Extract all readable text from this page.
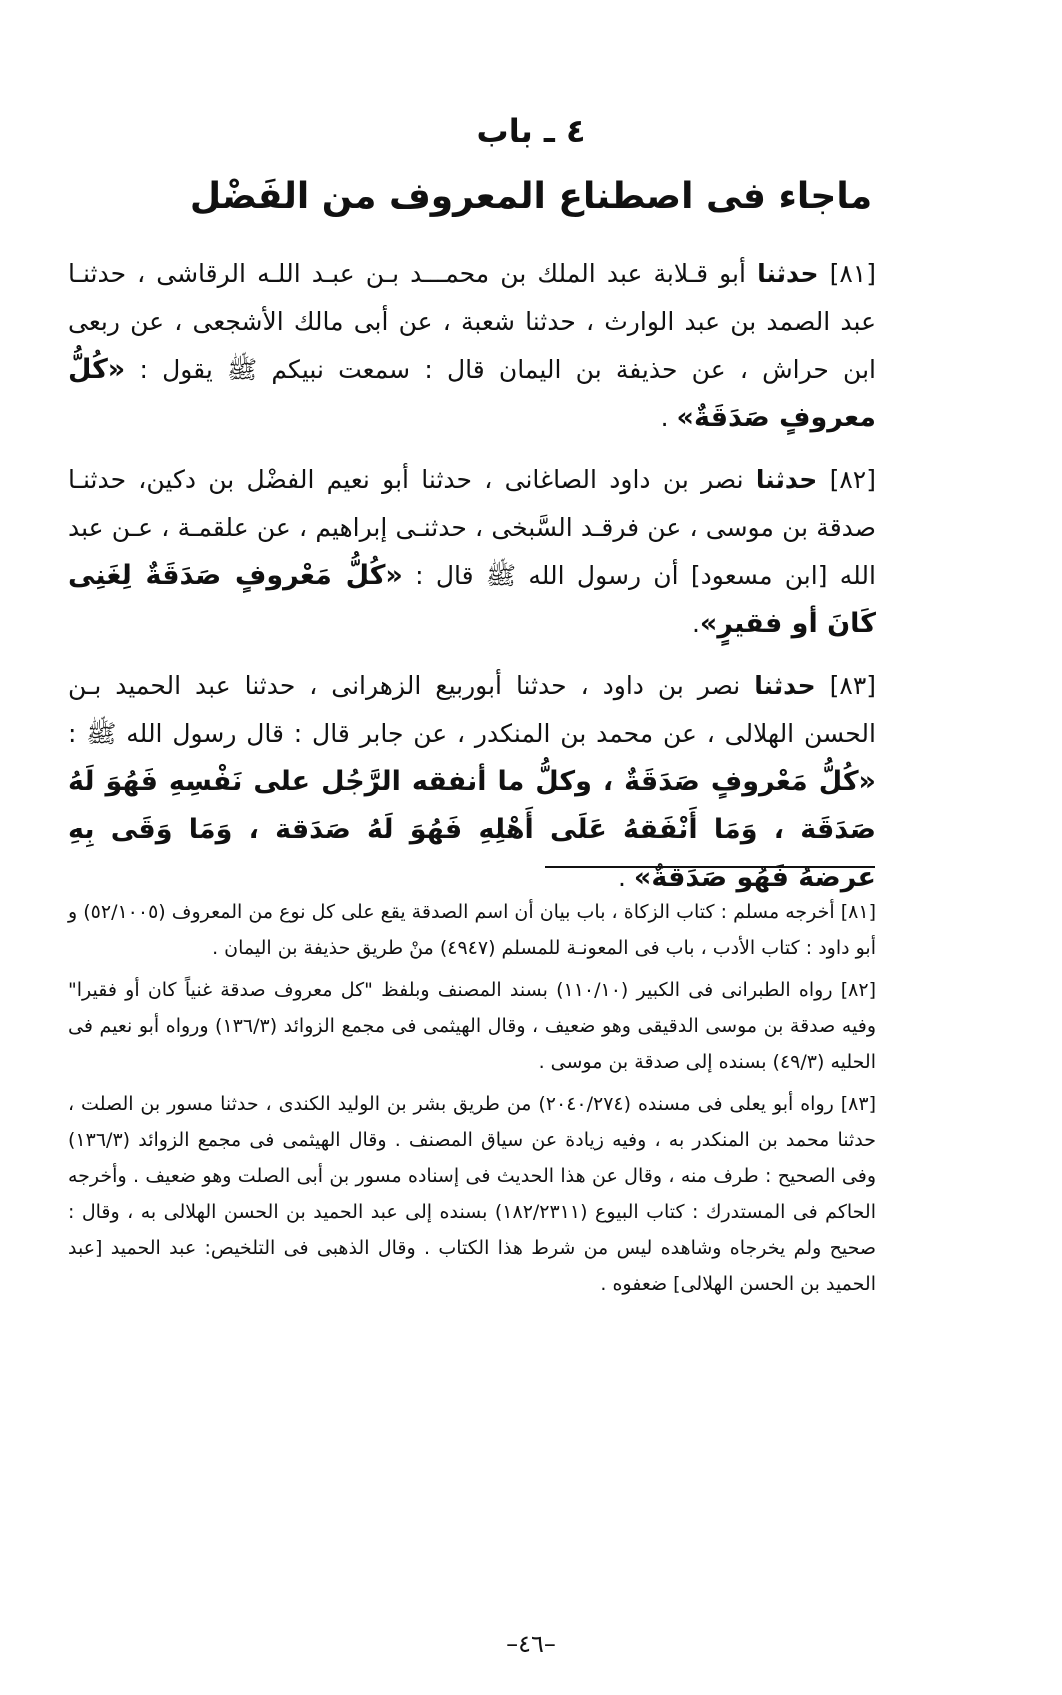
٤ ـ باب
ماجاء فى اصطناع المعروف من الفَضْل

[٨١] حدثنا أبو قـلابة عبد الملك بن محمـــد بـن عبـد اللـه الرقاشى ، حدثنـا عبد الصمد بن عبد الوارث ، حدثنا شعبة ، عن أبى مالك الأشجعى ، عن ربعى ابن حراش ، عن حذيفة بن اليمان قال : سمعت نبيكم ﷺ يقول : «كُلُّ معروفٍ صَدَقَةٌ» .

[٨٢] حدثنا نصر بن داود الصاغانى ، حدثنا أبو نعيم الفضْل بن دكين، حدثنـا صدقة بن موسى ، عن فرقـد السَّبخى ، حدثنـى إبراهيم ، عن علقمـة ، عـن عبد الله [ابن مسعود] أن رسول الله ﷺ قال : «كُلُّ مَعْروفٍ صَدَقَةٌ لِغَنِى كَانَ أو فقيرٍ».

[٨٣] حدثنا نصر بن داود ، حدثنا أبوربيع الزهرانى ، حدثنا عبد الحميد بـن الحسن الهلالى ، عن محمد بن المنكدر ، عن جابر قال : قال رسول الله ﷺ : «كُلُّ مَعْروفٍ صَدَقَةٌ ، وكلُّ ما أنفقه الرَّجُل على نَفْسِهِ فَهُوَ لَهُ صَدَقَة ، وَمَا أَنْفَقهُ عَلَى أَهْلِهِ فَهُوَ لَهُ صَدَقة ، وَمَا وَقَى بِهِ عرضهُ فَهُو صَدَقةٌ» .

[٨١] أخرجه مسلم : كتاب الزكاة ، باب بيان أن اسم الصدقة يقع على كل نوع من المعروف (٥٢/١٠٠٥) و أبو داود : كتاب الأدب ، باب فى المعونـة للمسلم (٤٩٤٧) منْ طريق حذيفة بن اليمان .

[٨٢] رواه الطبرانى فى الكبير (١١٠/١٠) بسند المصنف وبلفظ "كل معروف صدقة غنياً كان أو فقيرا" وفيه صدقة بن موسى الدقيقى وهو ضعيف ، وقال الهيثمى فى مجمع الزوائد (١٣٦/٣) ورواه أبو نعيم فى الحليه (٤٩/٣) بسنده إلى صدقة بن موسى .

[٨٣] رواه أبو يعلى فى مسنده (٢٠٤٠/٢٧٤) من طريق بشر بن الوليد الكندى ، حدثنا مسور بن الصلت ، حدثنا محمد بن المنكدر به ، وفيه زيادة عن سياق المصنف . وقال الهيثمى فى مجمع الزوائد (١٣٦/٣) وفى الصحيح : طرف منه ، وقال عن هذا الحديث فى إسناده مسور بن أبى الصلت وهو ضعيف . وأخرجه الحاكم فى المستدرك : كتاب البيوع (١٨٢/٢٣١١) بسنده إلى عبد الحميد بن الحسن الهلالى به ، وقال : صحيح ولم يخرجاه وشاهده ليس من شرط هذا الكتاب . وقال الذهبى فى التلخيص: عبد الحميد [عبد الحميد بن الحسن الهلالى] ضعفوه .

–٤٦–
